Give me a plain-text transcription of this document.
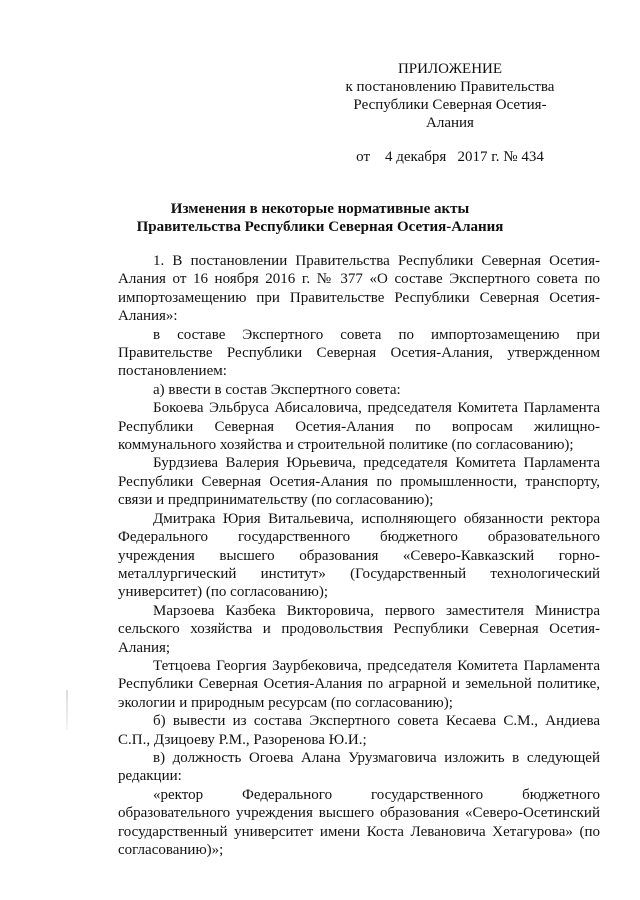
ПРИЛОЖЕНИЕ
к постановлению Правительства
Республики Северная Осетия-Алания
от 4 декабря   2017 г. № 434
Изменения в некоторые нормативные акты
Правительства Республики Северная Осетия-Алания

1. В постановлении Правительства Республики Северная Осетия-Алания от 16 ноября 2016 г. № 377 «О составе Экспертного совета по импортозамещению при Правительстве Республики Северная Осетия-Алания»:

в составе Экспертного совета по импортозамещению при Правительстве Республики Северная Осетия-Алания, утвержденном постановлением:

а) ввести в состав Экспертного совета:

Бокоева Эльбруса Абисаловича, председателя Комитета Парламента Республики Северная Осетия-Алания по вопросам жилищно-коммунального хозяйства и строительной политике (по согласованию);

Бурдзиева Валерия Юрьевича, председателя Комитета Парламента Республики Северная Осетия-Алания по промышленности, транспорту, связи и предпринимательству (по согласованию);

Дмитрака Юрия Витальевича, исполняющего обязанности ректора Федерального государственного бюджетного образовательного учреждения высшего образования «Северо-Кавказский горно-металлургический институт» (Государственный технологический университет) (по согласованию);

Марзоева Казбека Викторовича, первого заместителя Министра сельского хозяйства и продовольствия Республики Северная Осетия-Алания;

Тетцоева Георгия Заурбековича, председателя Комитета Парламента Республики Северная Осетия-Алания по аграрной и земельной политике, экологии и природным ресурсам (по согласованию);

б) вывести из состава Экспертного совета Кесаева С.М., Андиева С.П., Дзицоеву Р.М., Разоренова Ю.И.;

в) должность Огоева Алана Урузмаговича изложить в следующей редакции:

«ректор Федерального государственного бюджетного образовательного учреждения высшего образования «Северо-Осетинский государственный университет имени Коста Левановича Хетагурова» (по согласованию)»;
